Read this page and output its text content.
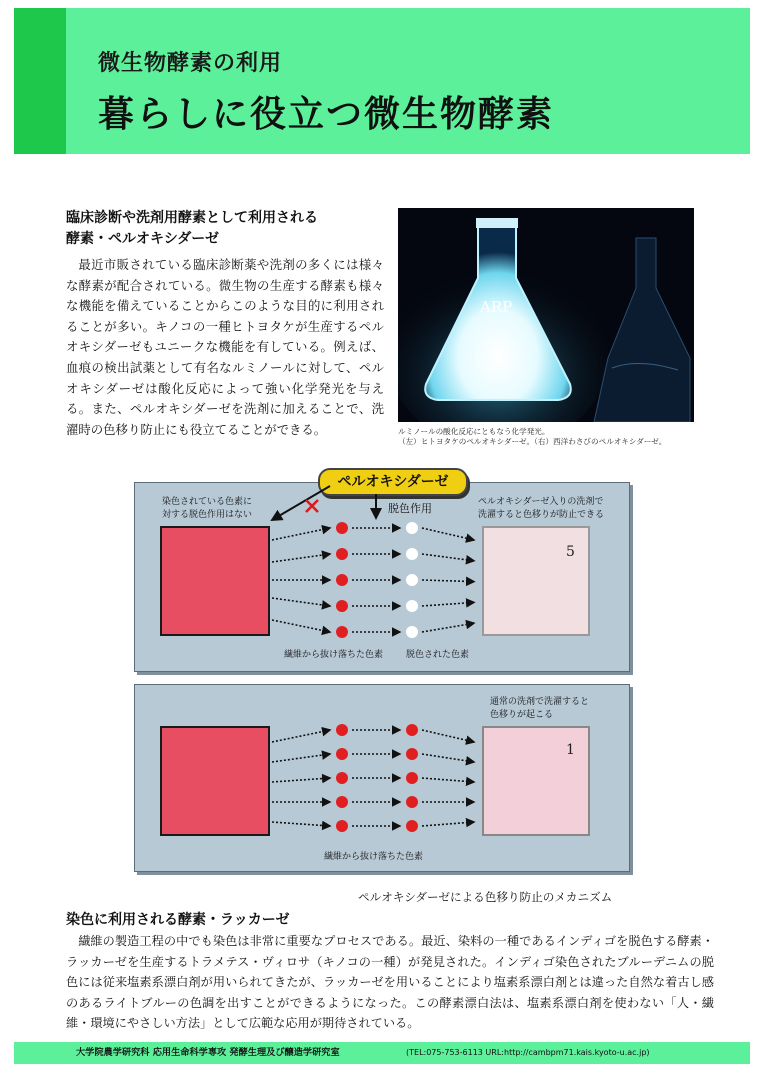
微生物酵素の利用
暮らしに役立つ微生物酵素
臨床診断や洗剤用酵素として利用される
酵素・ペルオキシダーゼ
最近市販されている臨床診断薬や洗剤の多くには様々な酵素が配合されている。微生物の生産する酵素も様々な機能を備えていることからこのような目的に利用されることが多い。キノコの一種ヒトヨタケが生産するペルオキシダーゼもユニークな機能を有している。例えば、血痕の検出試薬として有名なルミノールに対して、ペルオキシダーゼは酸化反応によって強い化学発光を与える。また、ペルオキシダーゼを洗剤に加えることで、洗濯時の色移り防止にも役立てることができる。
ARP
ルミノールの酸化反応にともなう化学発光。
（左）ヒトヨタケのペルオキシダーゼ。（右）西洋わさびのペルオキシダーゼ。
ペルオキシダーゼ
染色されている色素に
対する脱色作用はない	脱色作用	ペルオキシダーゼ入りの洗剤で
洗濯すると色移りが防止できる
繊維から抜け落ちた色素	脱色された色素
通常の洗剤で洗濯すると
色移りが起こる
繊維から抜け落ちた色素
5
1
ペルオキシダーゼによる色移り防止のメカニズム
染色に利用される酵素・ラッカーゼ
繊維の製造工程の中でも染色は非常に重要なプロセスである。最近、染料の一種であるインディゴを脱色する酵素・ラッカーゼを生産するトラメテス・ヴィロサ（キノコの一種）が発見された。インディゴ染色されたブルーデニムの脱色には従来塩素系漂白剤が用いられてきたが、ラッカーゼを用いることにより塩素系漂白剤とは違った自然な着古し感のあるライトブルーの色調を出すことができるようになった。この酵素漂白法は、塩素系漂白剤を使わない「人・繊維・環境にやさしい方法」として広範な応用が期待されている。
大学院農学研究科 応用生命科学専攻 発酵生理及び醸造学研究室	(TEL:075-753-6113 URL:http://cambpm71.kais.kyoto-u.ac.jp)
